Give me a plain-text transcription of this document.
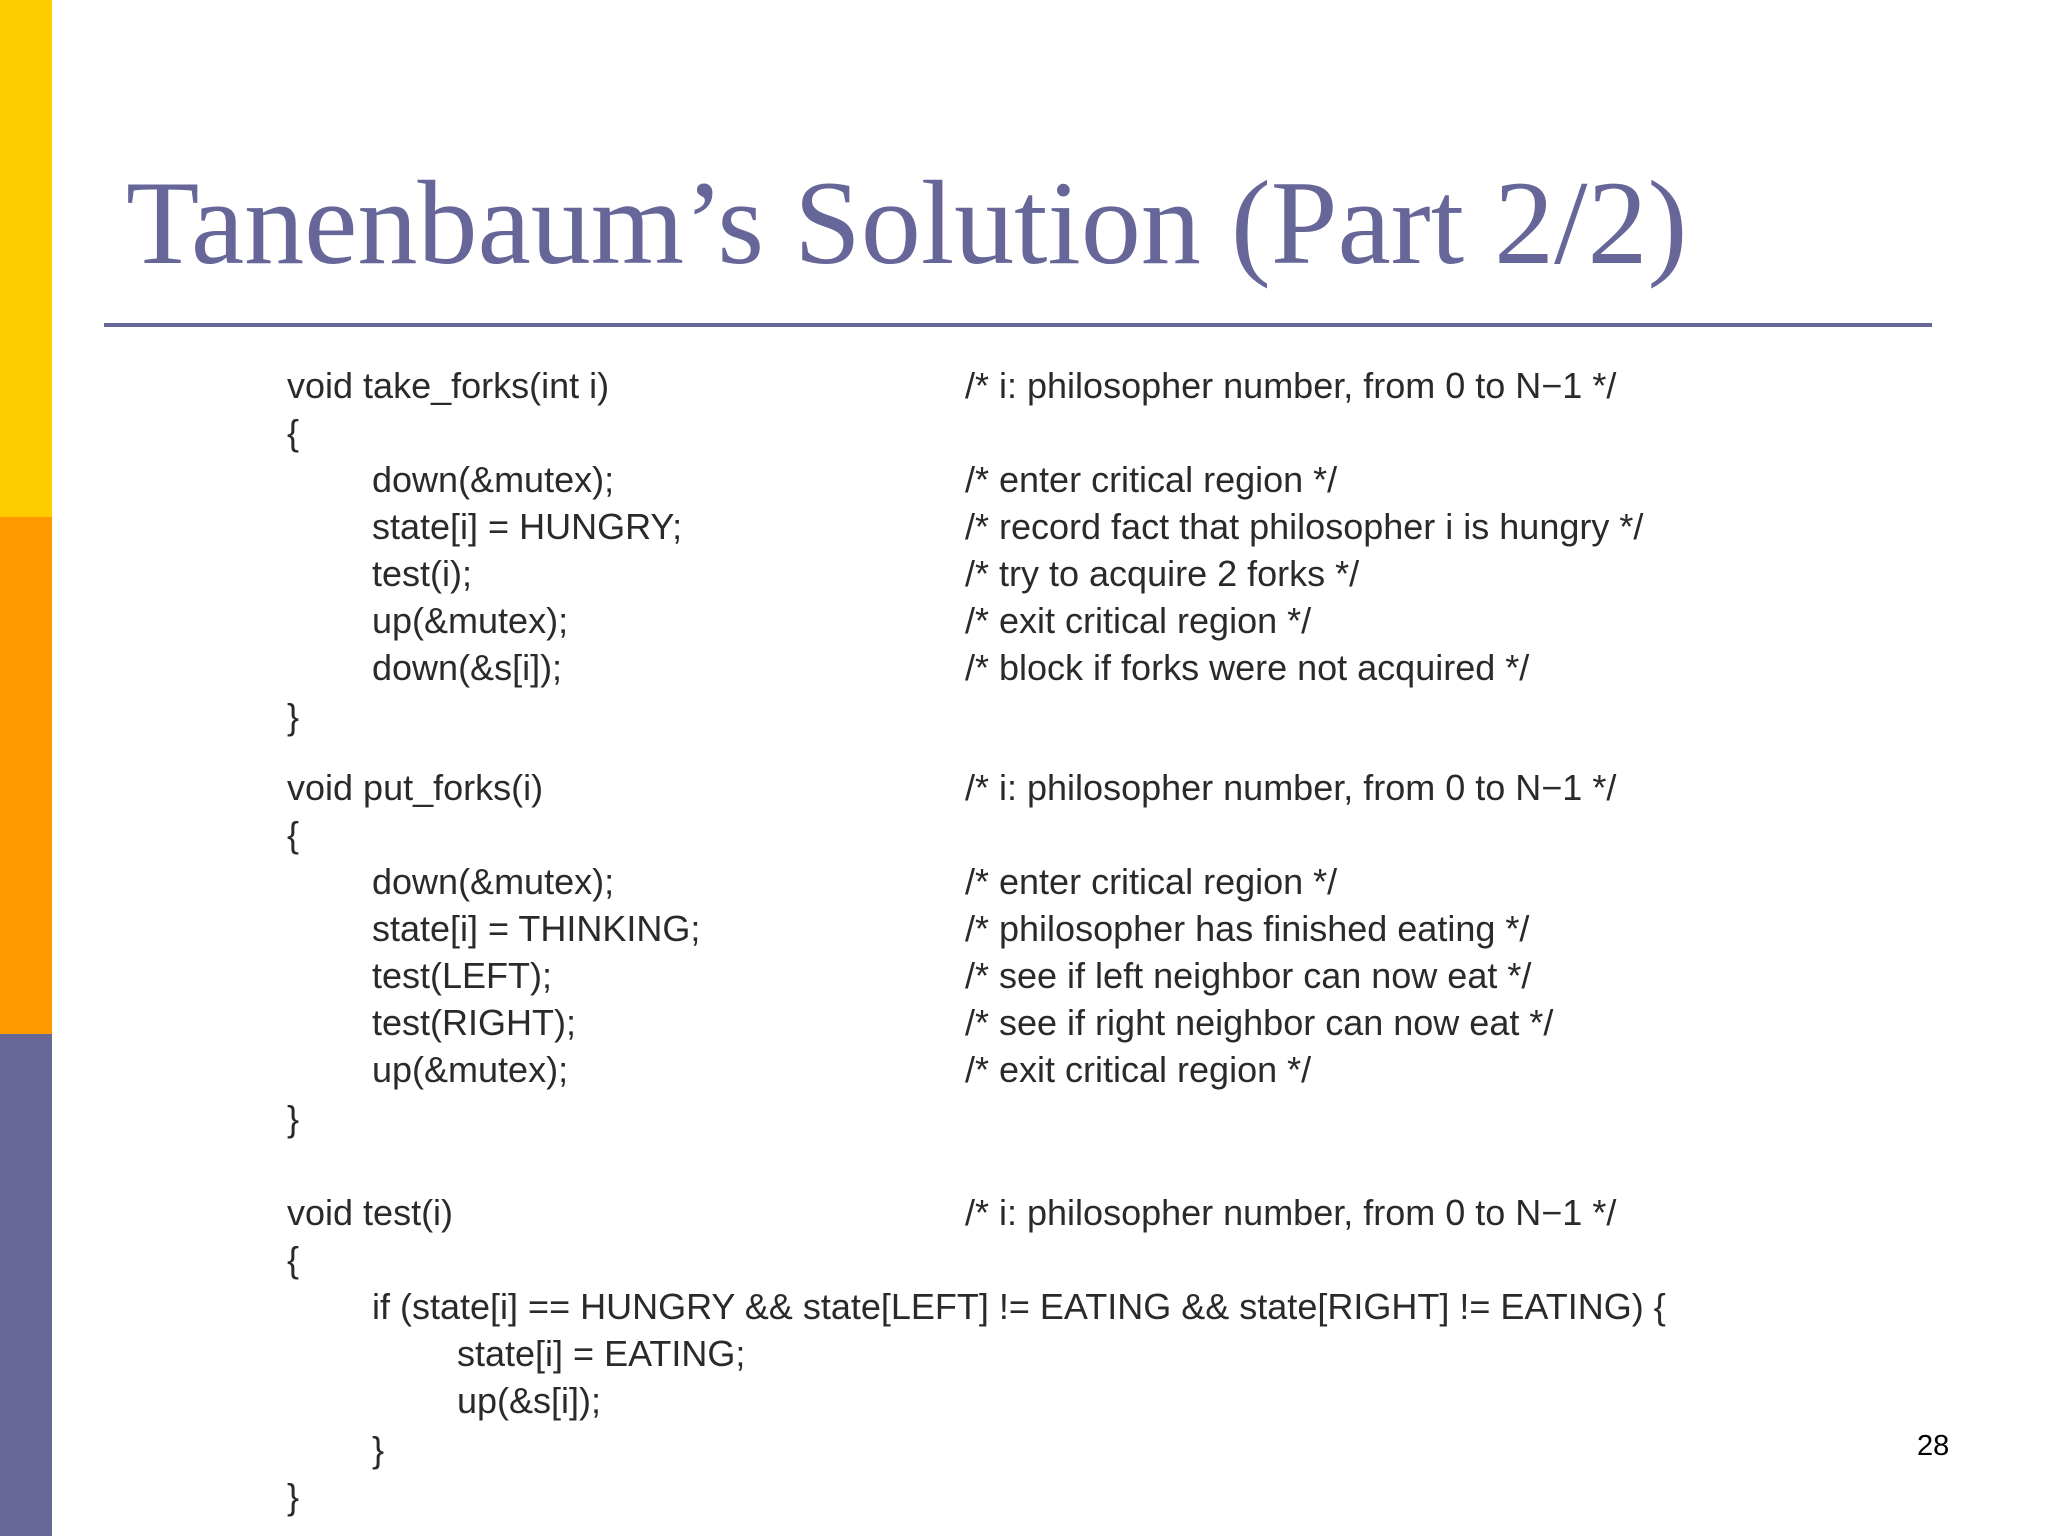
Tanenbaum’s Solution (Part 2/2)
void take_forks(int i)	/* i: philosopher number, from 0 to N−1 */
{
down(&mutex);	/* enter critical region */
state[i] = HUNGRY;	/* record fact that philosopher i is hungry */
test(i);	/* try to acquire 2 forks */
up(&mutex);	/* exit critical region */
down(&s[i]);	/* block if forks were not acquired */
}
void put_forks(i)	/* i: philosopher number, from 0 to N−1 */
{
down(&mutex);	/* enter critical region */
state[i] = THINKING;	/* philosopher has finished eating */
test(LEFT);	/* see if left neighbor can now eat */
test(RIGHT);	/* see if right neighbor can now eat */
up(&mutex);	/* exit critical region */
}
void test(i)	/* i: philosopher number, from 0 to N−1 */
{
if (state[i] == HUNGRY && state[LEFT] != EATING && state[RIGHT] != EATING) {
state[i] = EATING;
up(&s[i]);
}
}
28
